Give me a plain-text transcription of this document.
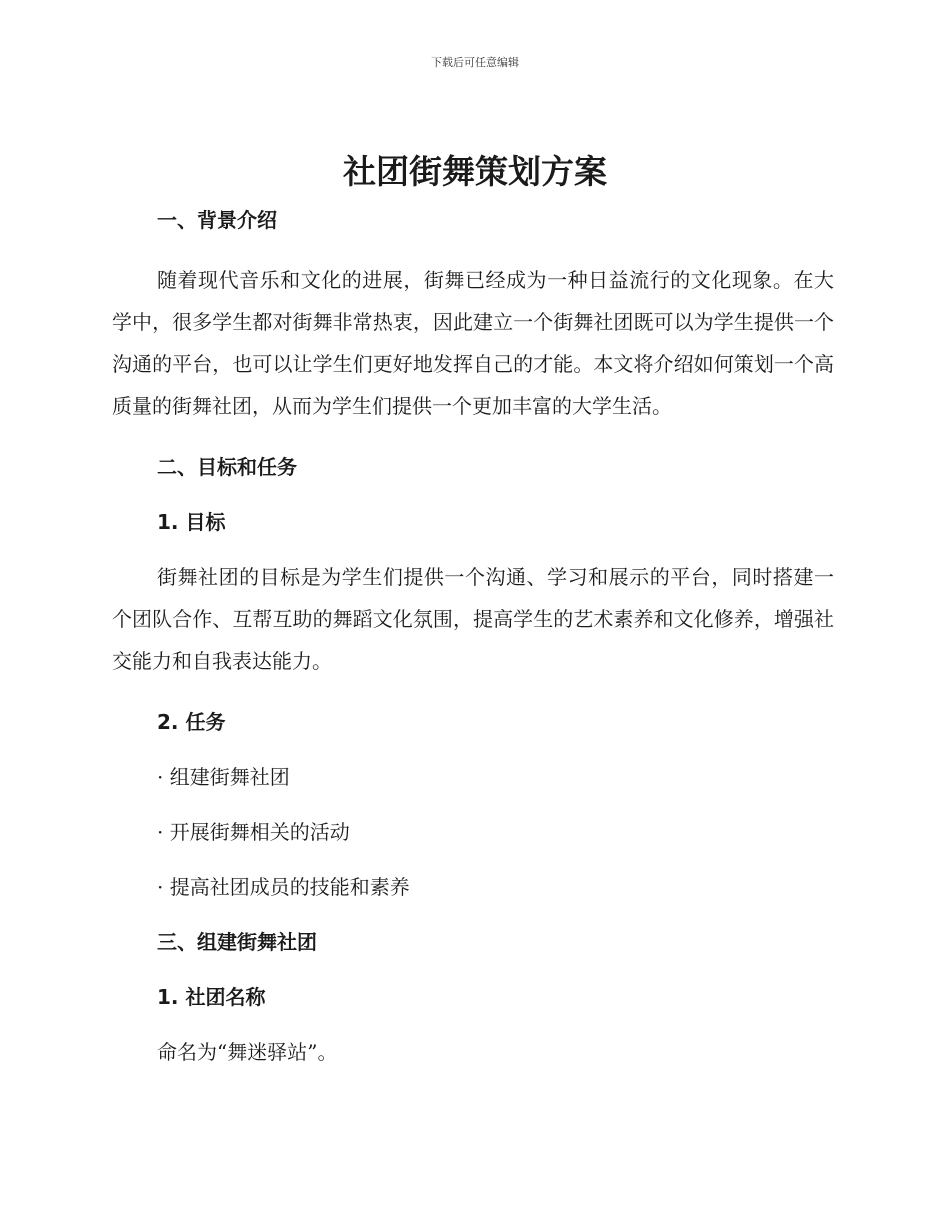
下载后可任意编辑
社团街舞策划方案
一、背景介绍
随着现代音乐和文化的进展，街舞已经成为一种日益流行的文化现象。在大学中，很多学生都对街舞非常热衷，因此建立一个街舞社团既可以为学生提供一个沟通的平台，也可以让学生们更好地发挥自己的才能。本文将介绍如何策划一个高质量的街舞社团，从而为学生们提供一个更加丰富的大学生活。
二、目标和任务
1. 目标
街舞社团的目标是为学生们提供一个沟通、学习和展示的平台，同时搭建一个团队合作、互帮互助的舞蹈文化氛围，提高学生的艺术素养和文化修养，增强社交能力和自我表达能力。
2. 任务
· 组建街舞社团
· 开展街舞相关的活动
· 提高社团成员的技能和素养
三、组建街舞社团
1. 社团名称
命名为“舞迷驿站”。
